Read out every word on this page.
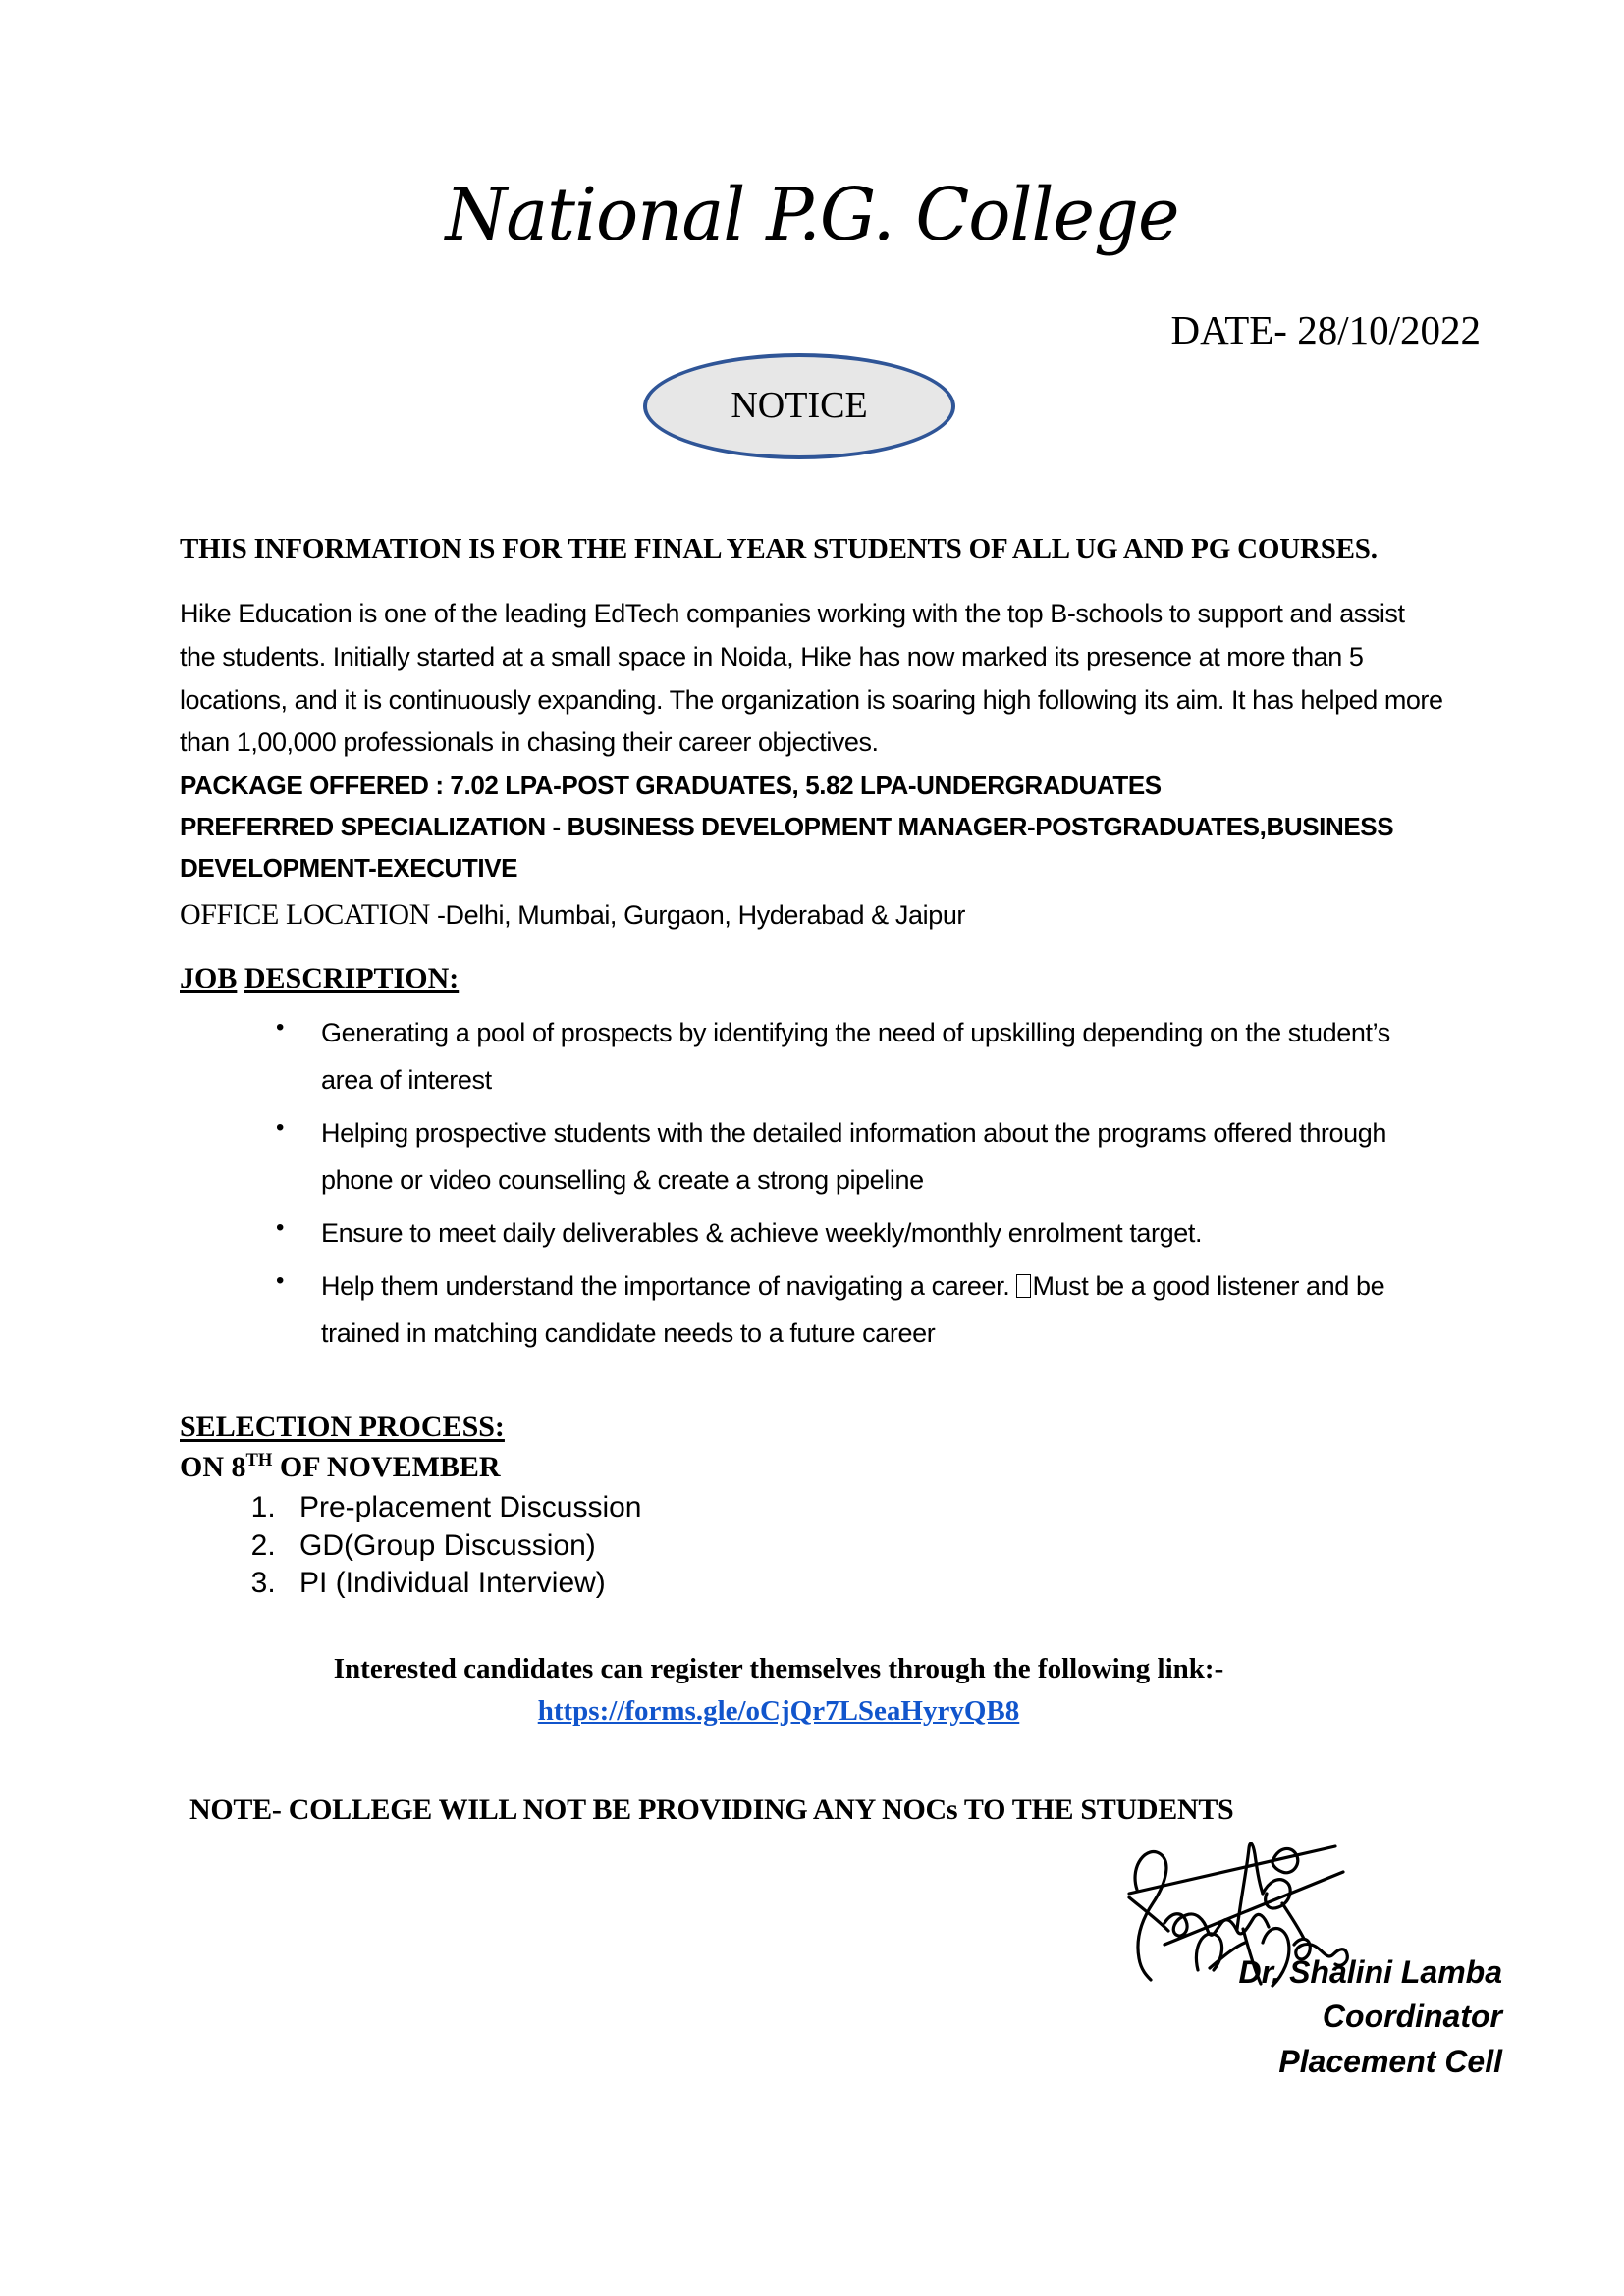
National P.G. College
DATE- 28/10/2022
NOTICE
THIS INFORMATION IS FOR THE FINAL YEAR STUDENTS OF ALL UG AND PG COURSES.
Hike Education is one of the leading EdTech companies working with the top B-schools to support and assist the students. Initially started at a small space in Noida, Hike has now marked its presence at more than 5 locations, and it is continuously expanding. The organization is soaring high following its aim. It has helped more than 1,00,000 professionals in chasing their career objectives.
PACKAGE OFFERED : 7.02 LPA-POST GRADUATES, 5.82 LPA-UNDERGRADUATES
PREFERRED SPECIALIZATION - BUSINESS DEVELOPMENT MANAGER-POSTGRADUATES,BUSINESS
DEVELOPMENT-EXECUTIVE
OFFICE LOCATION -Delhi, Mumbai, Gurgaon, Hyderabad & Jaipur
JOB DESCRIPTION:
• Generating a pool of prospects by identifying the need of upskilling depending on the student’s area of interest
• Helping prospective students with the detailed information about the programs offered through phone or video counselling & create a strong pipeline
• Ensure to meet daily deliverables & achieve weekly/monthly enrolment target.
• Help them understand the importance of navigating a career. Must be a good listener and be trained in matching candidate needs to a future career
SELECTION PROCESS:
ON 8TH OF NOVEMBER
1. Pre-placement Discussion
2. GD(Group Discussion)
3. PI (Individual Interview)
Interested candidates can register themselves through the following link:-
https://forms.gle/oCjQr7LSeaHyryQB8
NOTE- COLLEGE WILL NOT BE PROVIDING ANY NOCs TO THE STUDENTS
Dr. Shalini Lamba
Coordinator
Placement Cell
